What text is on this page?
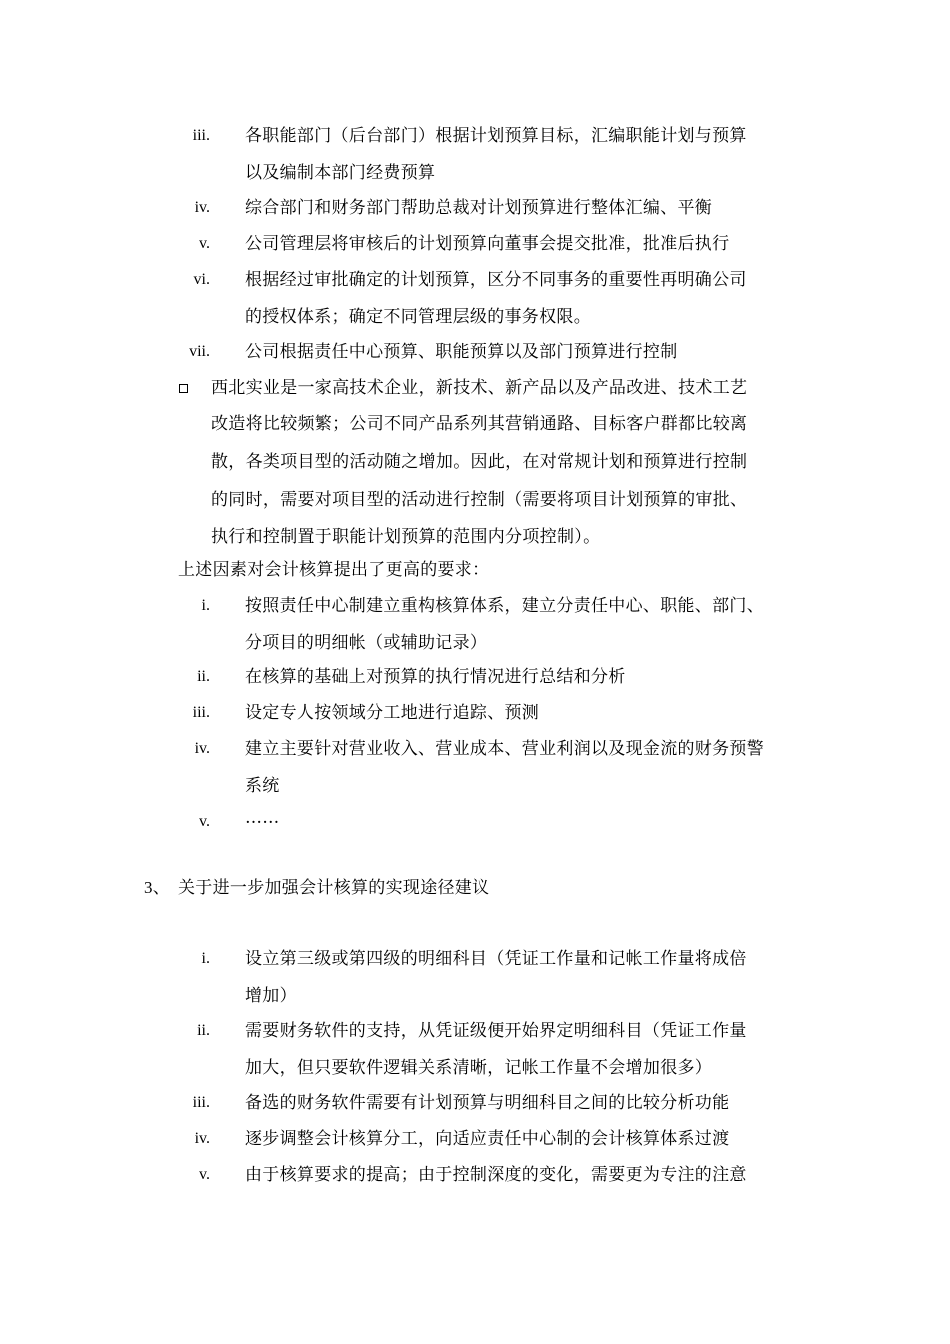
iii. 各职能部门（后台部门）根据计划预算目标，汇编职能计划与预算
以及编制本部门经费预算
iv. 综合部门和财务部门帮助总裁对计划预算进行整体汇编、平衡
v. 公司管理层将审核后的计划预算向董事会提交批准，批准后执行
vi. 根据经过审批确定的计划预算，区分不同事务的重要性再明确公司
的授权体系；确定不同管理层级的事务权限。
vii. 公司根据责任中心预算、职能预算以及部门预算进行控制
西北实业是一家高技术企业，新技术、新产品以及产品改进、技术工艺
改造将比较频繁；公司不同产品系列其营销通路、目标客户群都比较离
散，各类项目型的活动随之增加。因此，在对常规计划和预算进行控制
的同时，需要对项目型的活动进行控制（需要将项目计划预算的审批、
执行和控制置于职能计划预算的范围内分项控制）。
上述因素对会计核算提出了更高的要求：
i. 按照责任中心制建立重构核算体系，建立分责任中心、职能、部门、
分项目的明细帐（或辅助记录）
ii. 在核算的基础上对预算的执行情况进行总结和分析
iii. 设定专人按领域分工地进行追踪、预测
iv. 建立主要针对营业收入、营业成本、营业利润以及现金流的财务预警
系统
v. ……
3、 关于进一步加强会计核算的实现途径建议
i. 设立第三级或第四级的明细科目（凭证工作量和记帐工作量将成倍
增加）
ii. 需要财务软件的支持，从凭证级便开始界定明细科目（凭证工作量
加大，但只要软件逻辑关系清晰，记帐工作量不会增加很多）
iii. 备选的财务软件需要有计划预算与明细科目之间的比较分析功能
iv. 逐步调整会计核算分工，向适应责任中心制的会计核算体系过渡
v. 由于核算要求的提高；由于控制深度的变化，需要更为专注的注意
